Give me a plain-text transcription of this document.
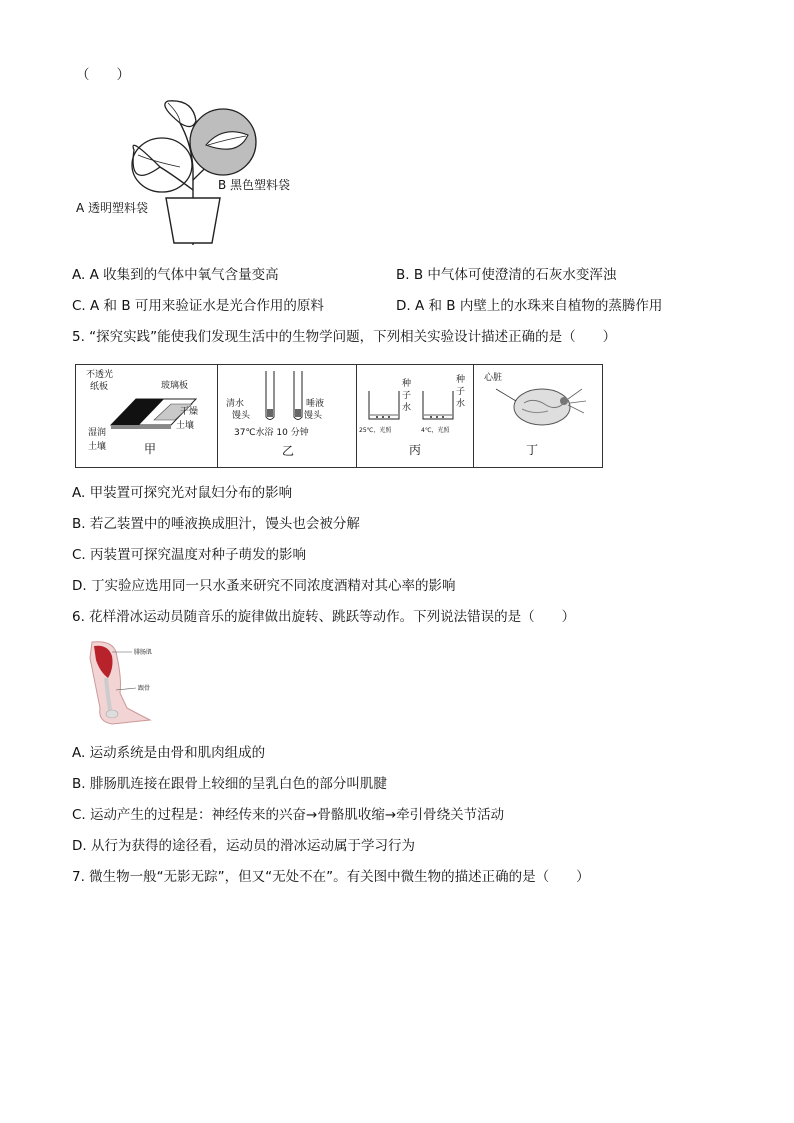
（　　）
B 黑色塑料袋
A 透明塑料袋
A. A 收集到的气体中氧气含量变高	B. B 中气体可使澄清的石灰水变浑浊
C. A 和 B 可用来验证水是光合作用的原料	D. A 和 B 内壁上的水珠来自植物的蒸腾作用
5. “探究实践”能使我们发现生活中的生物学问题，下列相关实验设计描述正确的是（　　）
不透光
纸板	玻璃板
干燥
土壤
湿润
土壤	甲
清水
馒头
唾液
馒头
37℃水浴 10 分钟
乙
种
子
水
种
子
水
25℃，光照	4℃，光照
丙
心脏
丁
A. 甲装置可探究光对鼠妇分布的影响
B. 若乙装置中的唾液换成胆汁，馒头也会被分解
C. 丙装置可探究温度对种子萌发的影响
D. 丁实验应选用同一只水蚤来研究不同浓度酒精对其心率的影响
6. 花样滑冰运动员随音乐的旋律做出旋转、跳跃等动作。下列说法错误的是（　　）
腓肠肌
跟骨
A. 运动系统是由骨和肌肉组成的
B. 腓肠肌连接在跟骨上较细的呈乳白色的部分叫肌腱
C. 运动产生的过程是：神经传来的兴奋→骨骼肌收缩→牵引骨绕关节活动
D. 从行为获得的途径看，运动员的滑冰运动属于学习行为
7. 微生物一般“无影无踪”，但又“无处不在”。有关图中微生物的描述正确的是（　　）
